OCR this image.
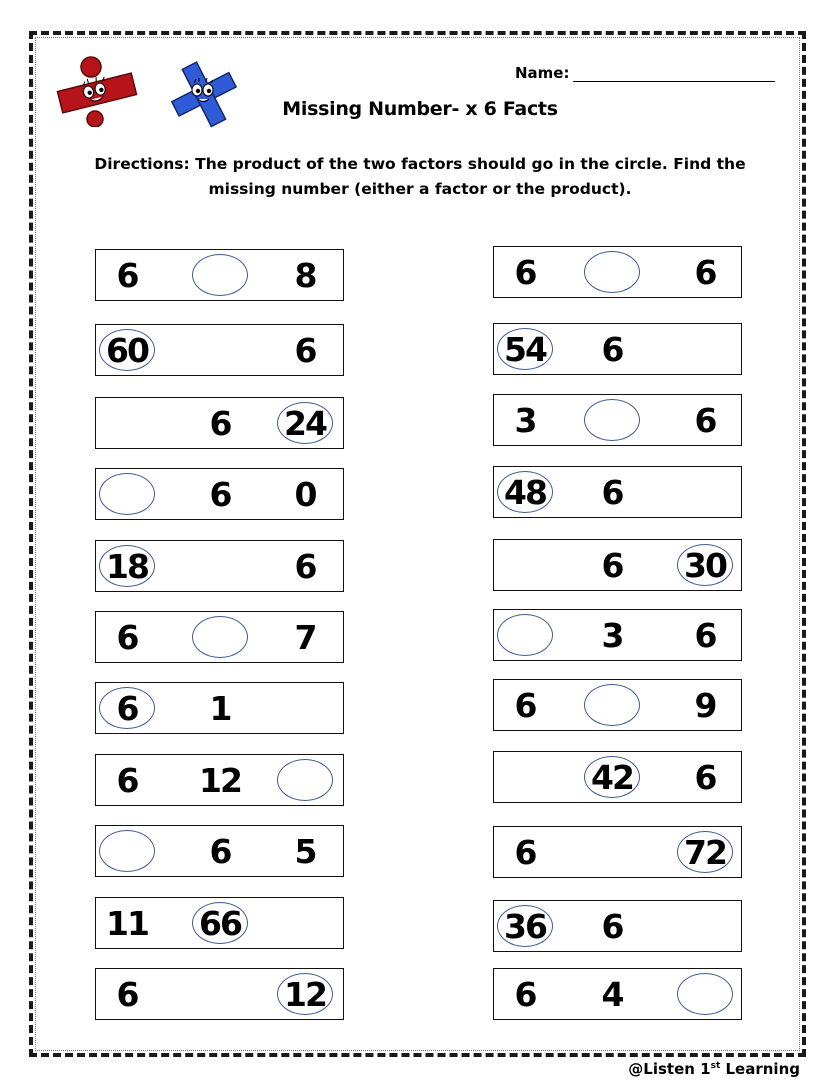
Name:
Missing Number- x 6 Facts
Directions: The product of the two factors should go in the circle. Find the missing number (either a factor or the product).
6	8
60	6
6	24
6	0
18	6
6	7
6	1
6	12
6	5
11 66
6	12
6	6
54	6
3	6
48	6
6	30
3	6
6	9
42	6
6	72
36	6
6	4
@Listen 1st Learning
